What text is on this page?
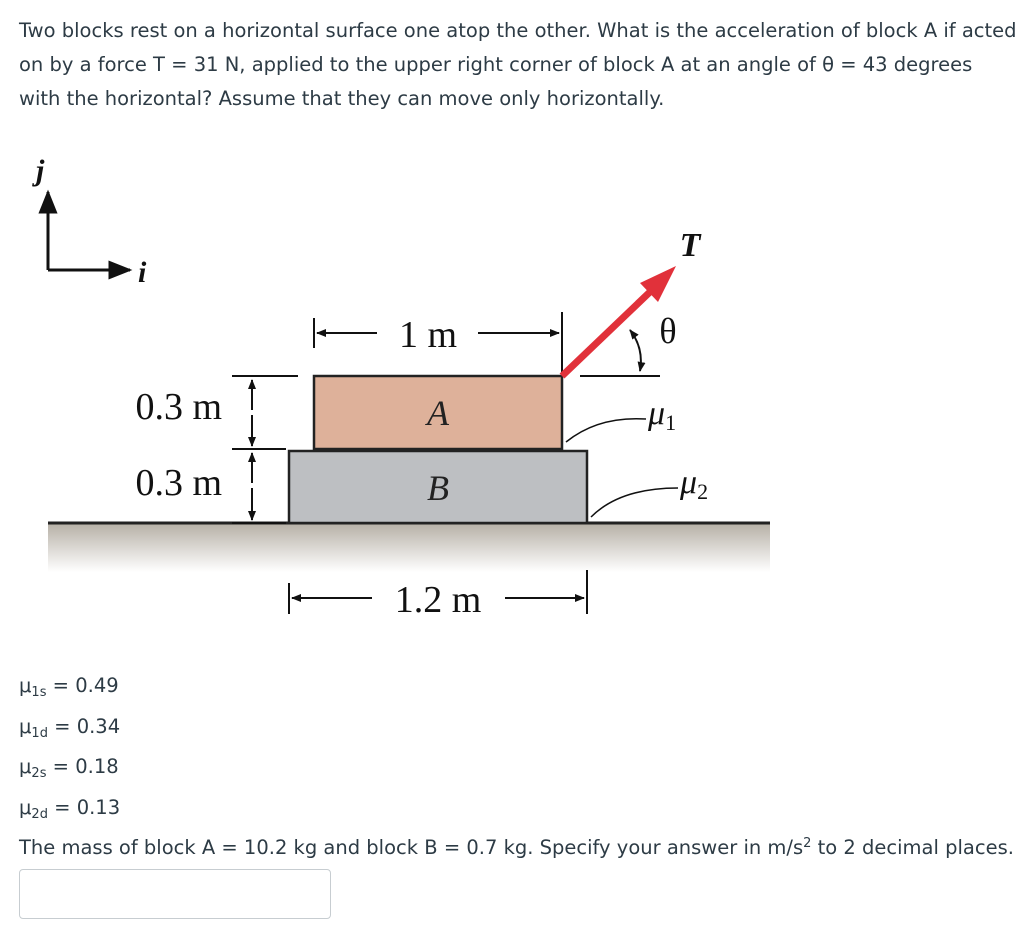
Two blocks rest on a horizontal surface one atop the other. What is the acceleration of block A if acted on by a force T = 31 N, applied to the upper right corner of block A at an angle of θ = 43 degrees with the horizontal? Assume that they can move only horizontally.

j
i
B
A
1 m
1.2 m
0.3 m
0.3 m
T
θ
μ1
μ2
$\mu_{1s} = 0.49$
$\mu_{1d} = 0.34$
$\mu_{2s} = 0.18$
$\mu_{2d} = 0.13$
The mass of block A = 10.2 kg and block B = 0.7 kg. Specify your answer in $m/s^2$ to 2 decimal places.
